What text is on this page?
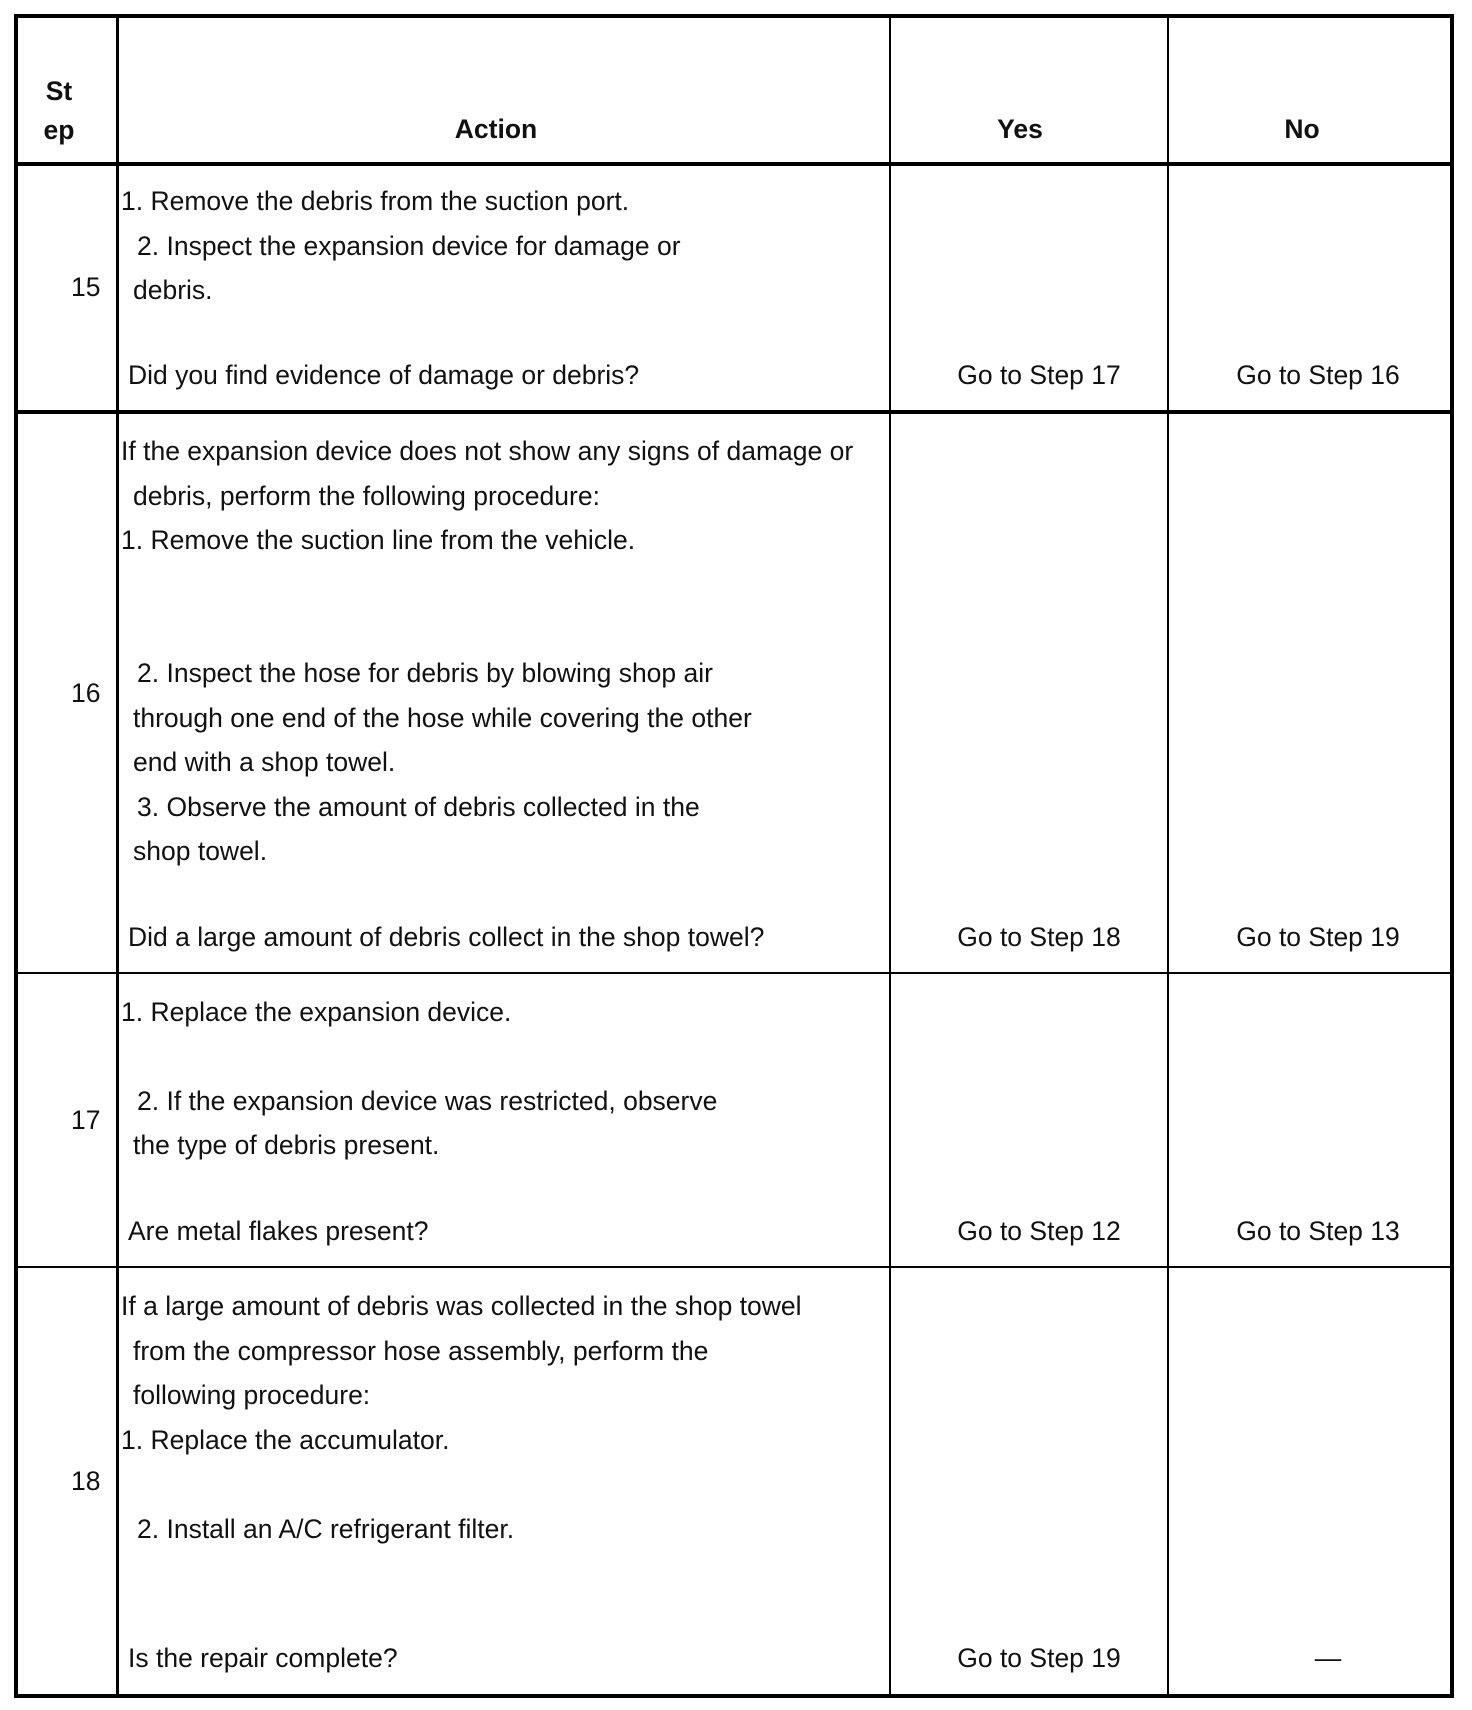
St
ep	Action	Yes	No
15
1. Remove the debris from the suction port.
2. Inspect the expansion device for damage or
debris.
Did you find evidence of damage or debris?	Go to Step 17	Go to Step 16
16
If the expansion device does not show any signs of damage or
debris, perform the following procedure:
1. Remove the suction line from the vehicle.
2. Inspect the hose for debris by blowing shop air
through one end of the hose while covering the other
end with a shop towel.
3. Observe the amount of debris collected in the
shop towel.
Did a large amount of debris collect in the shop towel?	Go to Step 18	Go to Step 19
17
1. Replace the expansion device.
2. If the expansion device was restricted, observe
the type of debris present.
Are metal flakes present?	Go to Step 12	Go to Step 13
18
If a large amount of debris was collected in the shop towel
from the compressor hose assembly, perform the
following procedure:
1. Replace the accumulator.
2. Install an A/C refrigerant filter.
Is the repair complete?	Go to Step 19	—
